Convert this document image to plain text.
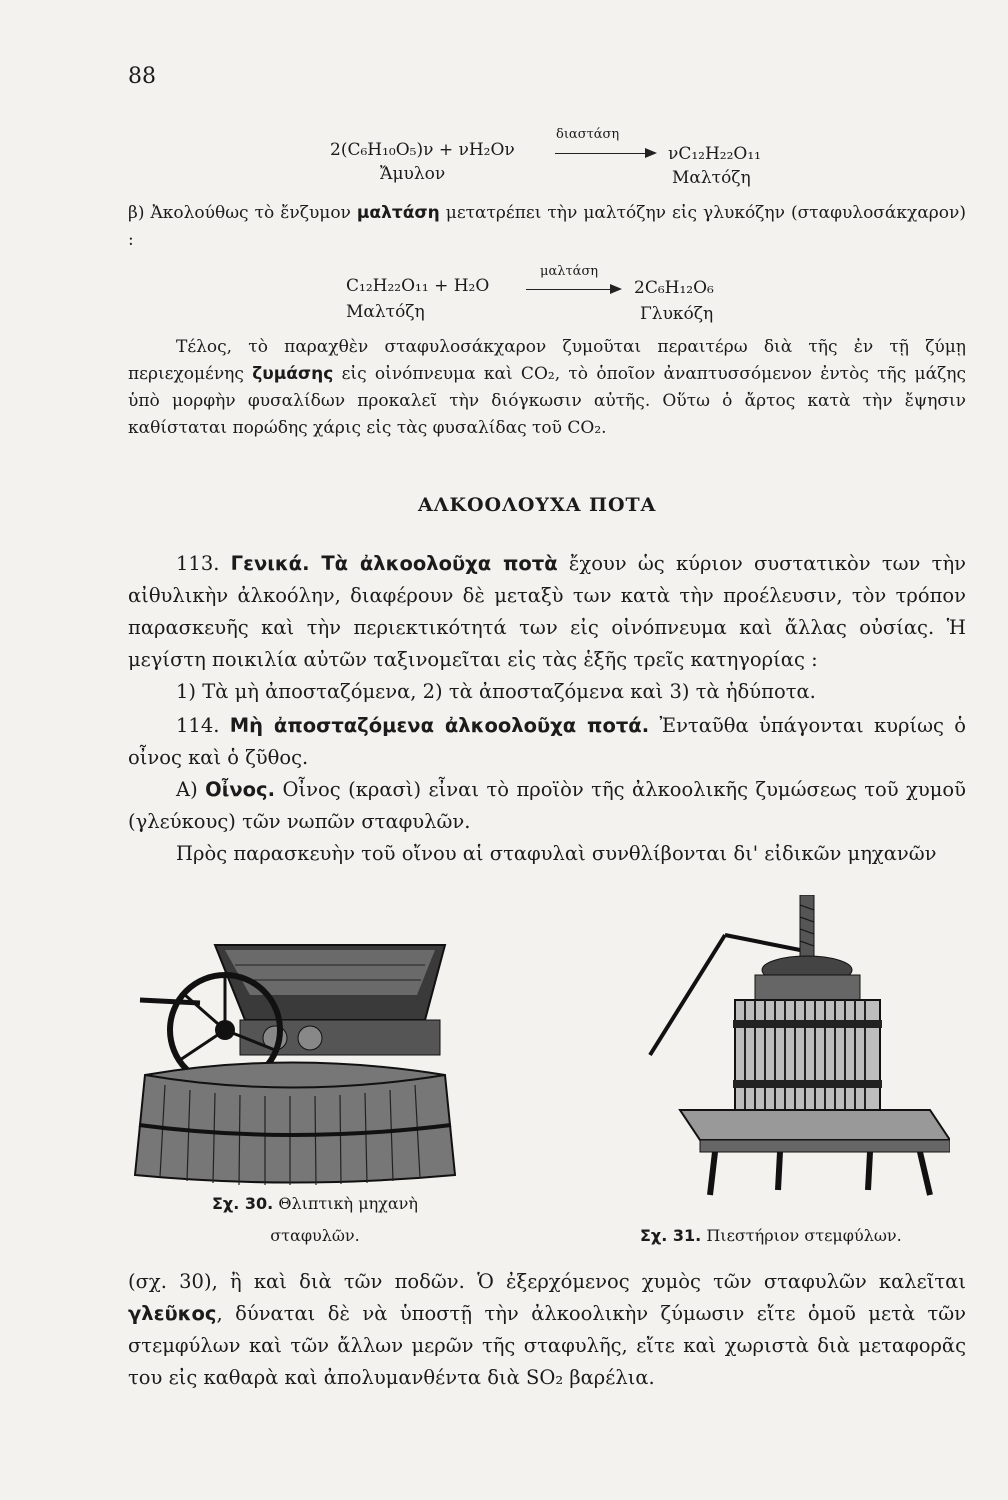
88
2(C₆H₁₀O₅)ν + νH₂Oν
Ἄμυλον
διαστάση
νC₁₂H₂₂O₁₁
Μαλτόζη

β) Ἀκολούθως τὸ ἔνζυμον μαλτάση μετατρέπει τὴν μαλτόζην εἰς γλυκόζην (σταφυλοσάκχαρον) :

C₁₂H₂₂O₁₁ + H₂O
Μαλτόζη
μαλτάση
2C₆H₁₂O₆
Γλυκόζη

Τέλος, τὸ παραχθὲν σταφυλοσάκχαρον ζυμοῦται περαιτέρω διὰ τῆς ἐν τῇ ζύμῃ περιεχομένης ζυμάσης εἰς οἰνόπνευμα καὶ CO₂, τὸ ὁποῖον ἀναπτυσσόμενον ἐντὸς τῆς μάζης ὑπὸ μορφὴν φυσαλίδων προκαλεῖ τὴν διόγκωσιν αὐτῆς. Οὕτω ὁ ἄρτος κατὰ τὴν ἔψησιν καθίσταται πορώδης χάρις εἰς τὰς φυσαλίδας τοῦ CO₂.

ΑΛΚΟΟΛΟΥΧΑ ΠΟΤΑ

113. Γενικά. Τὰ ἀλκοολοῦχα ποτὰ ἔχουν ὡς κύριον συστατικὸν των τὴν αἰθυλικὴν ἀλκοόλην, διαφέρουν δὲ μεταξὺ των κατὰ τὴν προέλευσιν, τὸν τρόπον παρασκευῆς καὶ τὴν περιεκτικότητά των εἰς οἰνόπνευμα καὶ ἄλλας οὐσίας. Ἡ μεγίστη ποικιλία αὐτῶν ταξινομεῖται εἰς τὰς ἑξῆς τρεῖς κατηγορίας :

1) Τὰ μὴ ἀποσταζόμενα, 2) τὰ ἀποσταζόμενα καὶ 3) τὰ ἡδύποτα.

114. Μὴ ἀποσταζόμενα ἀλκοολοῦχα ποτά. Ἐνταῦθα ὑπάγονται κυρίως ὁ οἶνος καὶ ὁ ζῦθος.

Α) Οἶνος. Οἶνος (κρασὶ) εἶναι τὸ προϊὸν τῆς ἀλκοολικῆς ζυμώσεως τοῦ χυμοῦ (γλεύκους) τῶν νωπῶν σταφυλῶν.

Πρὸς παρασκευὴν τοῦ οἴνου αἱ σταφυλαὶ συνθλίβονται δι' εἰδικῶν μηχανῶν

Σχ. 30. Θλιπτικὴ μηχανὴ σταφυλῶν.	Σχ. 31. Πιεστήριον στεμφύλων.

(σχ. 30), ἢ καὶ διὰ τῶν ποδῶν. Ὁ ἐξερχόμενος χυμὸς τῶν σταφυλῶν καλεῖται γλεῦκος, δύναται δὲ νὰ ὑποστῇ τὴν ἀλκοολικὴν ζύμωσιν εἴτε ὁμοῦ μετὰ τῶν στεμφύλων καὶ τῶν ἄλλων μερῶν τῆς σταφυλῆς, εἴτε καὶ χωριστὰ διὰ μεταφορᾶς του εἰς καθαρὰ καὶ ἀπολυμανθέντα διὰ SO₂ βαρέλια.
